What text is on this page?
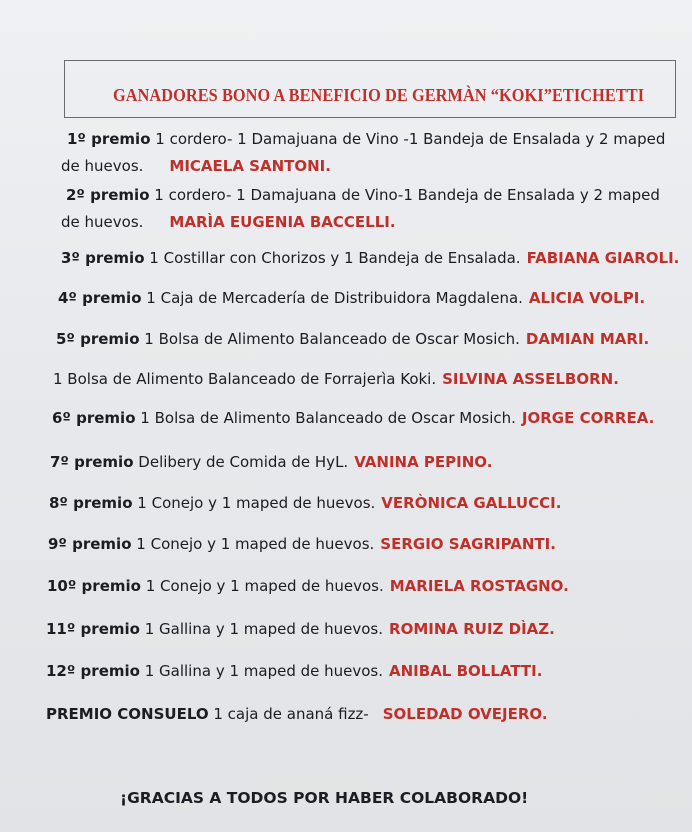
GANADORES BONO A BENEFICIO DE GERMÀN “KOKI”ETICHETTI
1º premio 1 cordero- 1 Damajuana de Vino -1 Bandeja de Ensalada y 2 maped
de huevos. MICAELA SANTONI.
2º premio 1 cordero- 1 Damajuana de Vino-1 Bandeja de Ensalada y 2 maped
de huevos. MARÌA EUGENIA BACCELLI.
3º premio 1 Costillar con Chorizos y 1 Bandeja de Ensalada. FABIANA GIAROLI.
4º premio 1 Caja de Mercadería de Distribuidora Magdalena. ALICIA VOLPI.
5º premio 1 Bolsa de Alimento Balanceado de Oscar Mosich. DAMIAN MARI.
1 Bolsa de Alimento Balanceado de Forrajerìa Koki. SILVINA ASSELBORN.
6º premio 1 Bolsa de Alimento Balanceado de Oscar Mosich. JORGE CORREA.
7º premio Delibery de Comida de HyL. VANINA PEPINO.
8º premio 1 Conejo y 1 maped de huevos. VERÒNICA GALLUCCI.
9º premio 1 Conejo y 1 maped de huevos. SERGIO SAGRIPANTI.
10º premio 1 Conejo y 1 maped de huevos. MARIELA ROSTAGNO.
11º premio 1 Gallina y 1 maped de huevos. ROMINA RUIZ DÌAZ.
12º premio 1 Gallina y 1 maped de huevos. ANIBAL BOLLATTI.
PREMIO CONSUELO 1 caja de ananá fizz- SOLEDAD OVEJERO.
¡GRACIAS A TODOS POR HABER COLABORADO!
